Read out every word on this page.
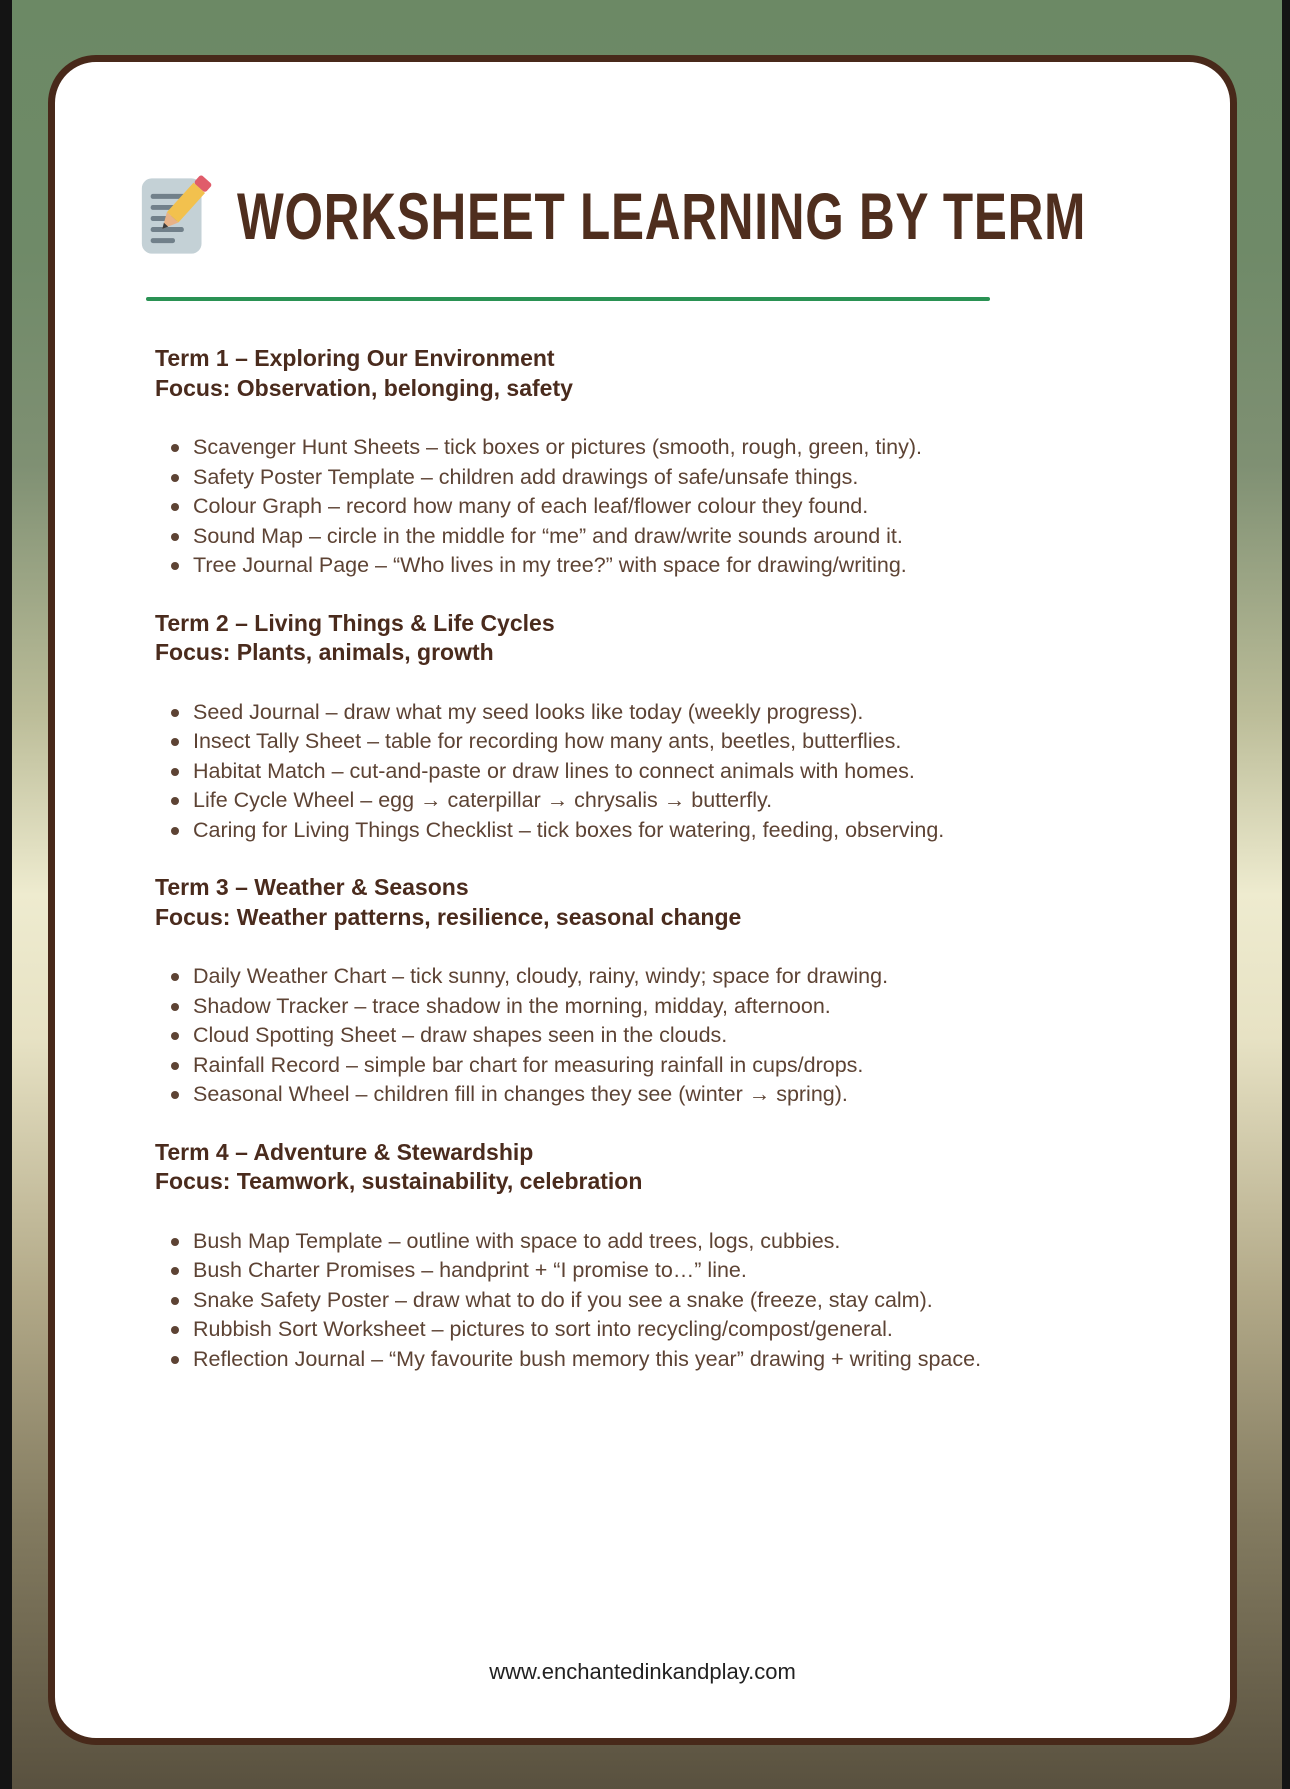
WORKSHEET LEARNING BY TERM
Term 1 – Exploring Our Environment
Focus: Observation, belonging, safety
Scavenger Hunt Sheets – tick boxes or pictures (smooth, rough, green, tiny).
Safety Poster Template – children add drawings of safe/unsafe things.
Colour Graph – record how many of each leaf/flower colour they found.
Sound Map – circle in the middle for “me” and draw/write sounds around it.
Tree Journal Page – “Who lives in my tree?” with space for drawing/writing.
Term 2 – Living Things & Life Cycles
Focus: Plants, animals, growth
Seed Journal – draw what my seed looks like today (weekly progress).
Insect Tally Sheet – table for recording how many ants, beetles, butterflies.
Habitat Match – cut-and-paste or draw lines to connect animals with homes.
Life Cycle Wheel – egg → caterpillar → chrysalis → butterfly.
Caring for Living Things Checklist – tick boxes for watering, feeding, observing.
Term 3 – Weather & Seasons
Focus: Weather patterns, resilience, seasonal change
Daily Weather Chart – tick sunny, cloudy, rainy, windy; space for drawing.
Shadow Tracker – trace shadow in the morning, midday, afternoon.
Cloud Spotting Sheet – draw shapes seen in the clouds.
Rainfall Record – simple bar chart for measuring rainfall in cups/drops.
Seasonal Wheel – children fill in changes they see (winter → spring).
Term 4 – Adventure & Stewardship
Focus: Teamwork, sustainability, celebration
Bush Map Template – outline with space to add trees, logs, cubbies.
Bush Charter Promises – handprint + “I promise to…” line.
Snake Safety Poster – draw what to do if you see a snake (freeze, stay calm).
Rubbish Sort Worksheet – pictures to sort into recycling/compost/general.
Reflection Journal – “My favourite bush memory this year” drawing + writing space.
www.enchantedinkandplay.com
